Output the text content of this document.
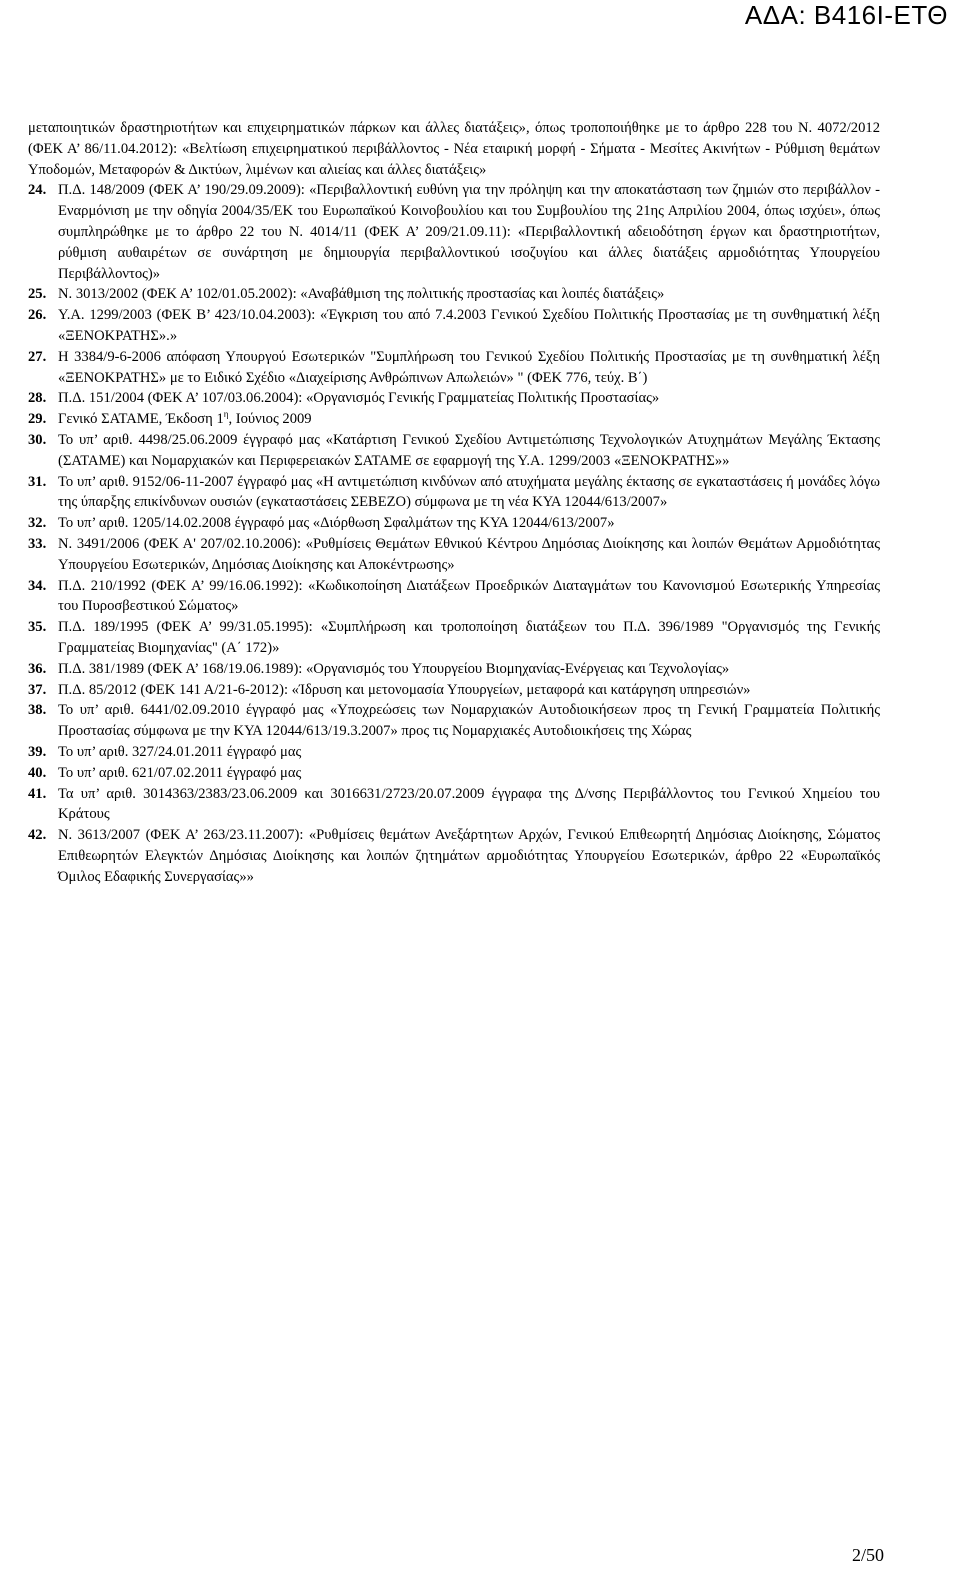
ΑΔΑ: Β416Ι-ΕΤΘ

μεταποιητικών δραστηριοτήτων και επιχειρηματικών πάρκων και άλλες διατάξεις», όπως τροποποιήθηκε με το άρθρο 228 του Ν. 4072/2012 (ΦΕΚ Α’ 86/11.04.2012): «Βελτίωση επιχειρηματικού περιβάλλοντος - Νέα εταιρική μορφή - Σήματα - Μεσίτες Ακινήτων - Ρύθμιση θεμάτων Υποδομών, Μεταφορών & Δικτύων, λιμένων και αλιείας και άλλες διατάξεις»

24. Π.Δ. 148/2009 (ΦΕΚ Α’ 190/29.09.2009): «Περιβαλλοντική ευθύνη για την πρόληψη και την αποκατάσταση των ζημιών στο περιβάλλον - Εναρμόνιση με την οδηγία 2004/35/ΕΚ του Ευρωπαϊκού Κοινοβουλίου και του Συμβουλίου της 21ης Απριλίου 2004, όπως ισχύει», όπως συμπληρώθηκε με το άρθρο 22 του Ν. 4014/11 (ΦΕΚ Α’ 209/21.09.11): «Περιβαλλοντική αδειοδότηση έργων και δραστηριοτήτων, ρύθμιση αυθαιρέτων σε συνάρτηση με δημιουργία περιβαλλοντικού ισοζυγίου και άλλες διατάξεις αρμοδιότητας Υπουργείου Περιβάλλοντος)»

25. Ν. 3013/2002 (ΦΕΚ Α’ 102/01.05.2002): «Αναβάθμιση της πολιτικής προστασίας και λοιπές διατάξεις»

26. Υ.Α. 1299/2003 (ΦΕΚ Β’ 423/10.04.2003): «Έγκριση του από 7.4.2003 Γενικού Σχεδίου Πολιτικής Προστασίας με τη συνθηματική λέξη «ΞΕΝΟΚΡΑΤΗΣ».»

27. Η 3384/9-6-2006 απόφαση Υπουργού Εσωτερικών "Συμπλήρωση του Γενικού Σχεδίου Πολιτικής Προστασίας με τη συνθηματική λέξη «ΞΕΝΟΚΡΑΤΗΣ» με το Ειδικό Σχέδιο «Διαχείρισης Ανθρώπινων Απωλειών» " (ΦΕΚ 776, τεύχ. Β΄)

28. Π.Δ. 151/2004 (ΦΕΚ Α’ 107/03.06.2004): «Οργανισμός Γενικής Γραμματείας Πολιτικής Προστασίας»

29. Γενικό ΣΑΤΑΜΕ, Έκδοση $1^\eta$, Ιούνιος 2009

30. Το υπ’ αριθ. 4498/25.06.2009 έγγραφό μας «Κατάρτιση Γενικού Σχεδίου Αντιμετώπισης Τεχνολογικών Ατυχημάτων Μεγάλης Έκτασης (ΣΑΤΑΜΕ) και Νομαρχιακών και Περιφερειακών ΣΑΤΑΜΕ σε εφαρμογή της Υ.Α. 1299/2003 «ΞΕΝΟΚΡΑΤΗΣ»»

31. Το υπ’ αριθ. 9152/06-11-2007 έγγραφό μας «Η αντιμετώπιση κινδύνων από ατυχήματα μεγάλης έκτασης σε εγκαταστάσεις ή μονάδες λόγω της ύπαρξης επικίνδυνων ουσιών (εγκαταστάσεις ΣΕΒΕΖΟ) σύμφωνα με τη νέα ΚΥΑ 12044/613/2007»

32. Το υπ’ αριθ. 1205/14.02.2008 έγγραφό μας «Διόρθωση Σφαλμάτων της ΚΥΑ 12044/613/2007»

33. Ν. 3491/2006 (ΦΕΚ Α' 207/02.10.2006): «Ρυθμίσεις Θεμάτων Εθνικού Κέντρου Δημόσιας Διοίκησης και λοιπών Θεμάτων Αρμοδιότητας Υπουργείου Εσωτερικών, Δημόσιας Διοίκησης και Αποκέντρωσης»

34. Π.Δ. 210/1992 (ΦΕΚ Α’ 99/16.06.1992): «Κωδικοποίηση Διατάξεων Προεδρικών Διαταγμάτων του Κανονισμού Εσωτερικής Υπηρεσίας του Πυροσβεστικού Σώματος»

35. Π.Δ. 189/1995 (ΦΕΚ Α’ 99/31.05.1995): «Συμπλήρωση και τροποποίηση διατάξεων του Π.Δ. 396/1989 "Οργανισμός της Γενικής Γραμματείας Βιομηχανίας" (Α΄ 172)»

36. Π.Δ. 381/1989 (ΦΕΚ Α’ 168/19.06.1989): «Οργανισμός του Υπουργείου Βιομηχανίας-Ενέργειας και Τεχνολογίας»

37. Π.Δ. 85/2012 (ΦΕΚ 141 Α/21-6-2012): «Ίδρυση και μετονομασία Υπουργείων, μεταφορά και κατάργηση υπηρεσιών»

38. Το υπ’ αριθ. 6441/02.09.2010 έγγραφό μας «Υποχρεώσεις των Νομαρχιακών Αυτοδιοικήσεων προς τη Γενική Γραμματεία Πολιτικής Προστασίας σύμφωνα με την ΚΥΑ 12044/613/19.3.2007» προς τις Νομαρχιακές Αυτοδιοικήσεις της Χώρας

39. Το υπ’ αριθ. 327/24.01.2011 έγγραφό μας

40. Το υπ’ αριθ. 621/07.02.2011 έγγραφό μας

41. Τα υπ’ αριθ. 3014363/2383/23.06.2009 και 3016631/2723/20.07.2009 έγγραφα της Δ/νσης Περιβάλλοντος του Γενικού Χημείου του Κράτους

42. Ν. 3613/2007 (ΦΕΚ Α’ 263/23.11.2007): «Ρυθμίσεις θεμάτων Ανεξάρτητων Αρχών, Γενικού Επιθεωρητή Δημόσιας Διοίκησης, Σώματος Επιθεωρητών Ελεγκτών Δημόσιας Διοίκησης και λοιπών ζητημάτων αρμοδιότητας Υπουργείου Εσωτερικών, άρθρο 22 «Ευρωπαϊκός Όμιλος Εδαφικής Συνεργασίας»»

2/50
